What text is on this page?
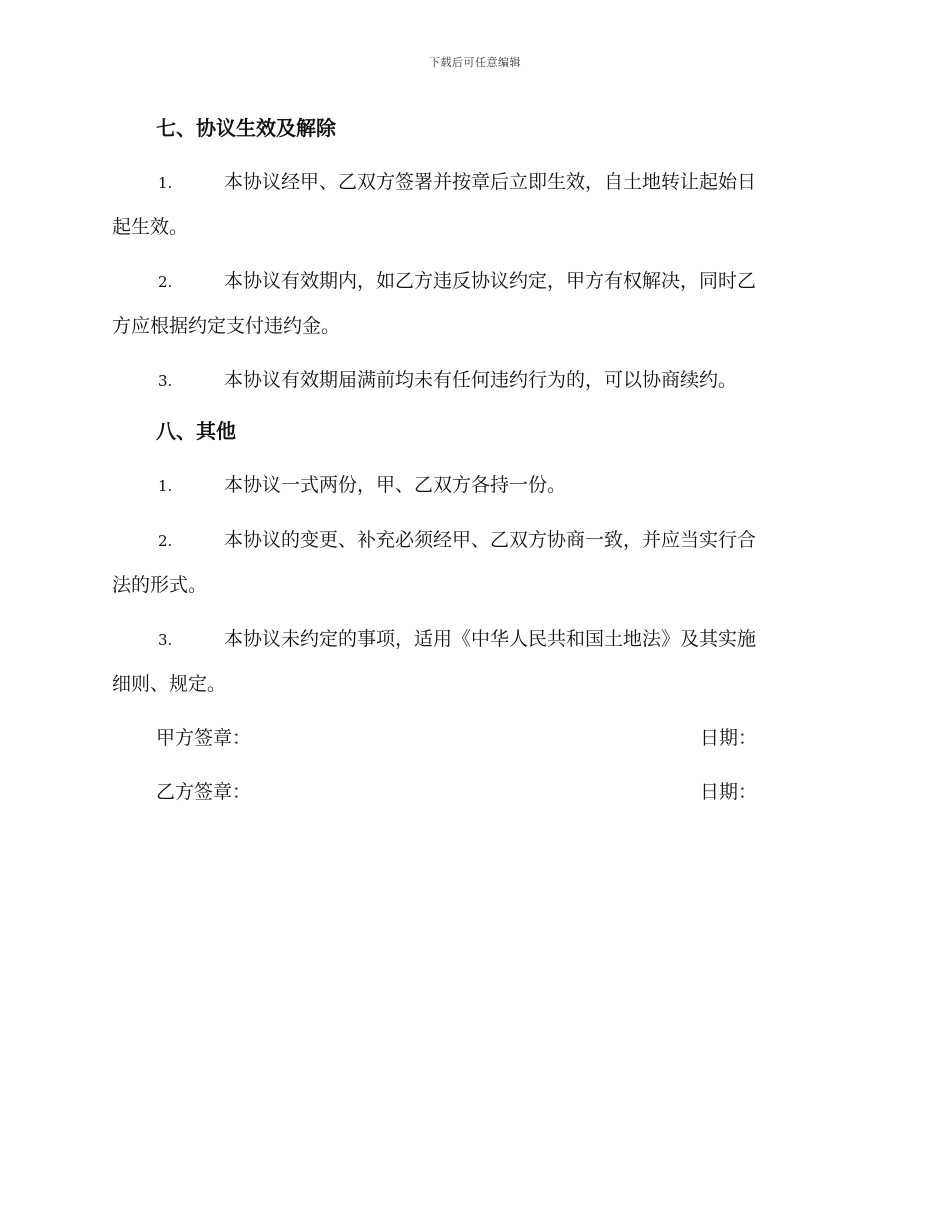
下载后可任意编辑
七、协议生效及解除
1.	本协议经甲、乙双方签署并按章后立即生效，自土地转让起始日
起生效。
2.	本协议有效期内，如乙方违反协议约定，甲方有权解决，同时乙
方应根据约定支付违约金。
3.	本协议有效期届满前均未有任何违约行为的，可以协商续约。
八、其他
1.	本协议一式两份，甲、乙双方各持一份。
2.	本协议的变更、补充必须经甲、乙双方协商一致，并应当实行合
法的形式。
3.	本协议未约定的事项，适用《中华人民共和国土地法》及其实施
细则、规定。
甲方签章：	日期：
乙方签章：	日期：
